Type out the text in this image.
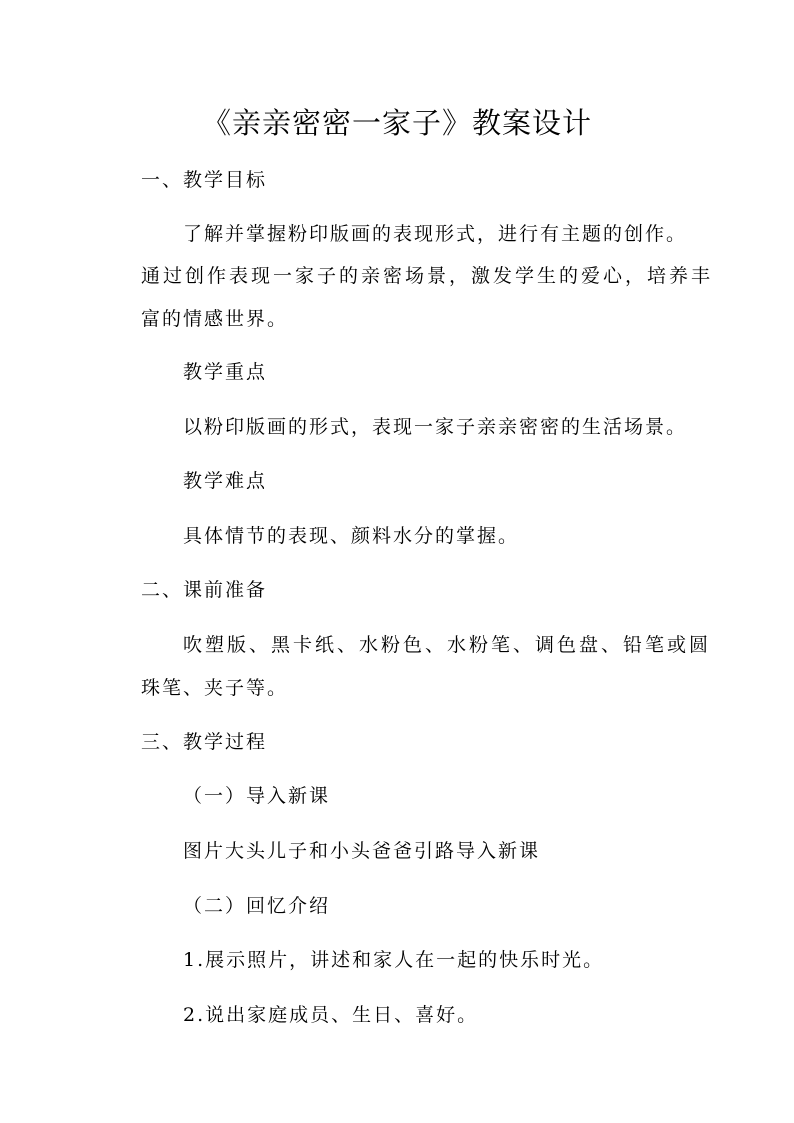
《亲亲密密一家子》教案设计
一、教学目标
了解并掌握粉印版画的表现形式，进行有主题的创作。
通过创作表现一家子的亲密场景，激发学生的爱心，培养丰
富的情感世界。
教学重点
以粉印版画的形式，表现一家子亲亲密密的生活场景。
教学难点
具体情节的表现、颜料水分的掌握。
二、课前准备
吹塑版、黑卡纸、水粉色、水粉笔、调色盘、铅笔或圆
珠笔、夹子等。
三、教学过程
（一）导入新课
图片大头儿子和小头爸爸引路导入新课
（二）回忆介绍
1.展示照片，讲述和家人在一起的快乐时光。
2.说出家庭成员、生日、喜好。
